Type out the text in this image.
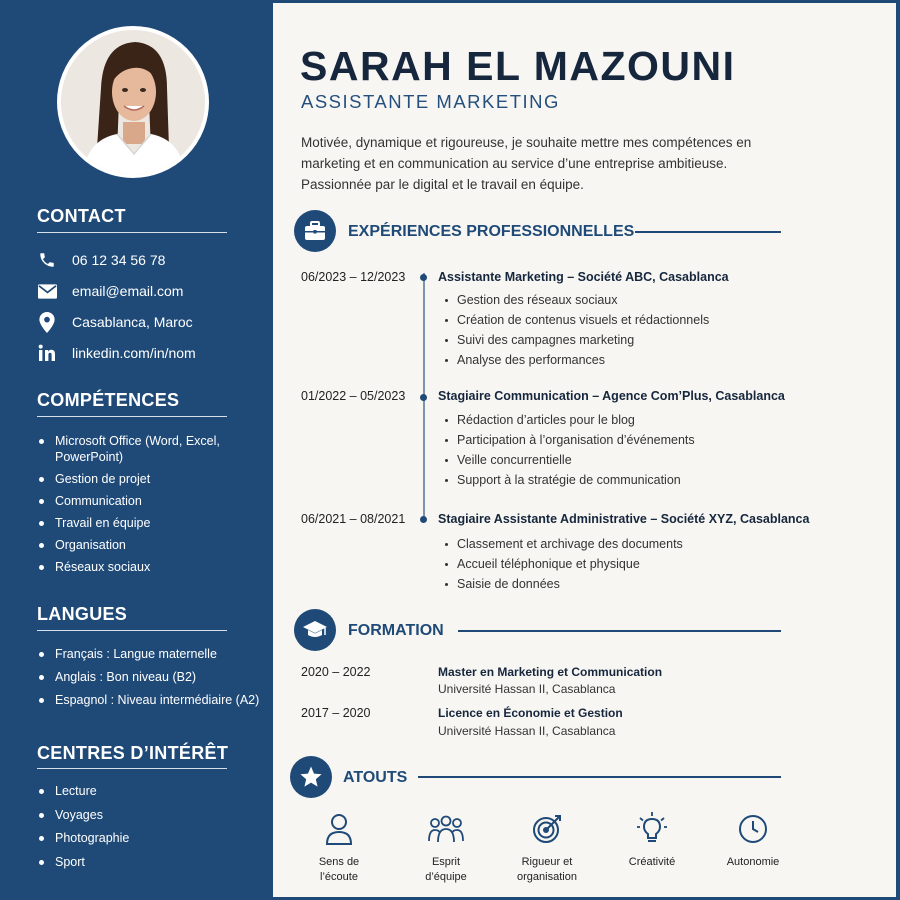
CONTACT
06 12 34 56 78
email@email.com
Casablanca, Maroc
linkedin.com/in/nom
COMPÉTENCES
Microsoft Office (Word, Excel, PowerPoint)
Gestion de projet
Communication
Travail en équipe
Organisation
Réseaux sociaux
LANGUES
Français : Langue maternelle
Anglais : Bon niveau (B2)
Espagnol : Niveau intermédiaire (A2)
CENTRES D’INTÉRÊT
Lecture
Voyages
Photographie
Sport
SARAH EL MAZOUNI
ASSISTANTE MARKETING

Motivée, dynamique et rigoureuse, je souhaite mettre mes compétences en marketing et en communication au service d’une entreprise ambitieuse. Passionnée par le digital et le travail en équipe.

EXPÉRIENCES PROFESSIONNELLES
06/2023 – 12/2023	Assistante Marketing – Société ABC, Casablanca
Gestion des réseaux sociaux
Création de contenus visuels et rédactionnels
Suivi des campagnes marketing
Analyse des performances
01/2022 – 05/2023	Stagiaire Communication – Agence Com’Plus, Casablanca
Rédaction d’articles pour le blog
Participation à l’organisation d’événements
Veille concurrentielle
Support à la stratégie de communication
06/2021 – 08/2021	Stagiaire Assistante Administrative – Société XYZ, Casablanca
Classement et archivage des documents
Accueil téléphonique et physique
Saisie de données
FORMATION
2020 – 2022	Master en Marketing et Communication
Université Hassan II, Casablanca
2017 – 2020	Licence en Économie et Gestion
Université Hassan II, Casablanca
ATOUTS
Sens de
l’écoute
Esprit
d’équipe
Rigueur et
organisation
Créativité	Autonomie
